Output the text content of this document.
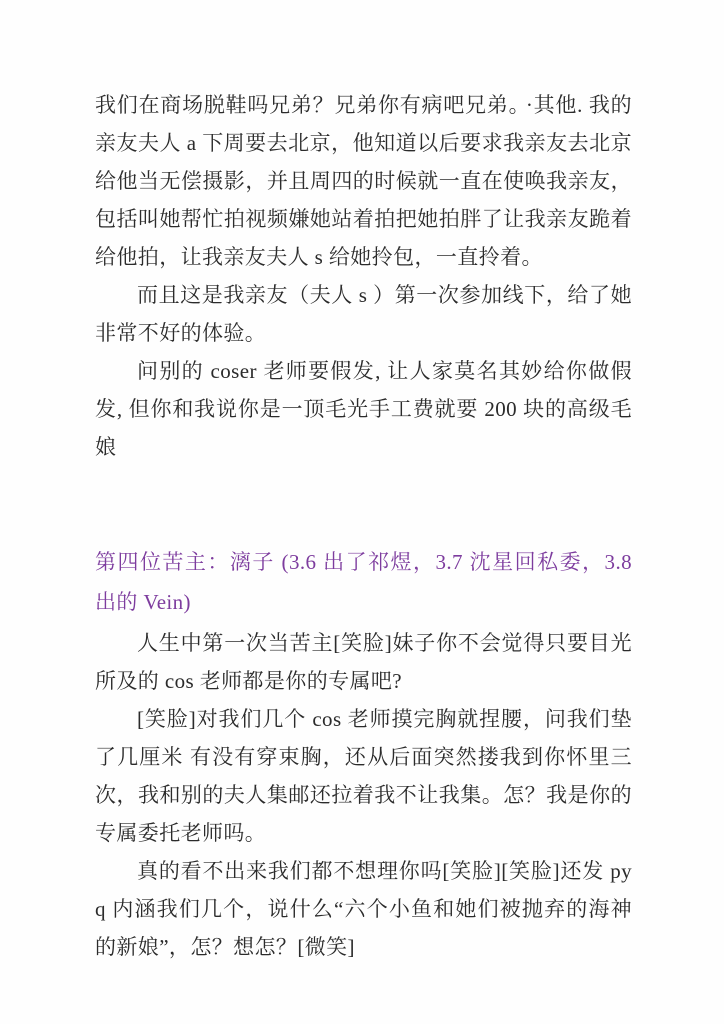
我们在商场脱鞋吗兄弟？兄弟你有病吧兄弟｡ ·其他. 我的亲友夫人 a 下周要去北京，他知道以后要求我亲友去北京给他当无偿摄影，并且周四的时候就一直在使唤我亲友，包括叫她帮忙拍视频嫌她站着拍把她拍胖了让我亲友跪着给他拍，让我亲友夫人 s 给她拎包，一直拎着。

而且这是我亲友（夫人 s ）第一次参加线下，给了她非常不好的体验。

问别的 coser 老师要假发, 让人家莫名其妙给你做假发, 但你和我说你是一顶毛光手工费就要 200 块的高级毛娘

第四位苦主：漓子 (3.6 出了祁煜，3.7 沈星回私委，3.8 出的 Vein)

人生中第一次当苦主[笑脸]妹子你不会觉得只要目光所及的 cos 老师都是你的专属吧?

[笑脸]对我们几个 cos 老师摸完胸就捏腰，问我们垫了几厘米 有没有穿束胸，还从后面突然搂我到你怀里三次，我和别的夫人集邮还拉着我不让我集。怎？我是你的专属委托老师吗｡

真的看不出来我们都不想理你吗[笑脸][笑脸]还发 pyq 内涵我们几个，说什么“六个小鱼和她们被抛弃的海神的新娘”，怎？想怎？[微笑]
